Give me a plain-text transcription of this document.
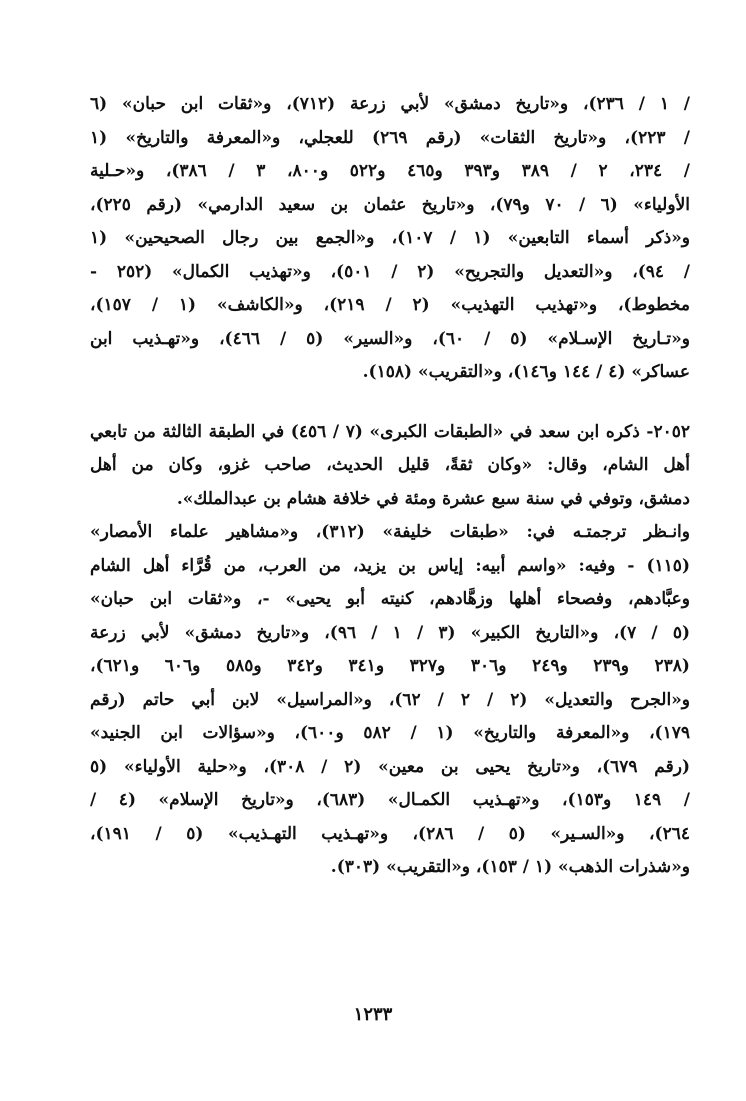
/ ١ / ٢٣٦)، و«تاريخ دمشق» لأبي زرعة (٧١٢)، و«ثقات ابن حبان» (٦
/ ٢٢٣)، و«تاريخ الثقات» (رقم ٢٦٩) للعجلي، و«المعرفة والتاريخ» (١
/ ٢٣٤، ٢ / ٣٨٩ و٣٩٣ و٤٦٥ و٥٢٢ و٨٠٠، ٣ / ٣٨٦)، و«حـلية
الأولياء» (٦ / ٧٠ و٧٩)، و«تاريخ عثمان بن سعيد الدارمي» (رقم ٢٢٥)،
و«ذكر أسماء التابعين» (١ / ١٠٧)، و«الجمع بين رجال الصحيحين» (١
/ ٩٤)، و«التعديل والتجريح» (٢ / ٥٠١)، و«تهذيب الكمال» (٢٥٢ -
مخطوط)، و«تهذيب التهذيب» (٢ / ٢١٩)، و«الكاشف» (١ / ١٥٧)،
و«تـاريخ الإسـلام» (٥ / ٦٠)، و«السير» (٥ / ٤٦٦)، و«تهـذيب ابن
عساكر» (٤ / ١٤٤ و١٤٦)، و«التقريب» (١٥٨).
٢٠٥٢- ذكره ابن سعد في «الطبقات الكبرى» (٧ / ٤٥٦) في الطبقة الثالثة من تابعي
أهل الشام، وقال: «وكان ثقةً، قليل الحديث، صاحب غزو، وكان من أهل
دمشق، وتوفي في سنة سبع عشرة ومئة في خلافة هشام بن عبدالملك».
وانـظر ترجمتـه في: «طبقات خليفة» (٣١٢)، و«مشاهير علماء الأمصار»
(١١٥) - وفيه: «واسم أبيه: إياس بن يزيد، من العرب، من قُرَّاء أهل الشام
وعبَّادهم، وفصحاء أهلها وزهَّادهم، كنيته أبو يحيى» -، و«ثقات ابن حبان»
(٥ / ٧)، و«التاريخ الكبير» (٣ / ١ / ٩٦)، و«تاريخ دمشق» لأبي زرعة
(٢٣٨ و٢٣٩ و٢٤٩ و٣٠٦ و٣٢٧ و٣٤١ و٣٤٢ و٥٨٥ و٦٠٦ و٦٢١)،
و«الجرح والتعديل» (٢ / ٢ / ٦٢)، و«المراسيل» لابن أبي حاتم (رقم
١٧٩)، و«المعرفة والتاريخ» (١ / ٥٨٢ و٦٠٠)، و«سؤالات ابن الجنيد»
(رقم ٦٧٩)، و«تاريخ يحيى بن معين» (٢ / ٣٠٨)، و«حلية الأولياء» (٥
/ ١٤٩ و١٥٣)، و«تهـذيب الكمـال» (٦٨٣)، و«تاريخ الإسلام» (٤ /
٢٦٤)، و«السـير» (٥ / ٢٨٦)، و«تهـذيب التهـذيب» (٥ / ١٩١)،
و«شذرات الذهب» (١ / ١٥٣)، و«التقريب» (٣٠٣).
١٢٣٣
